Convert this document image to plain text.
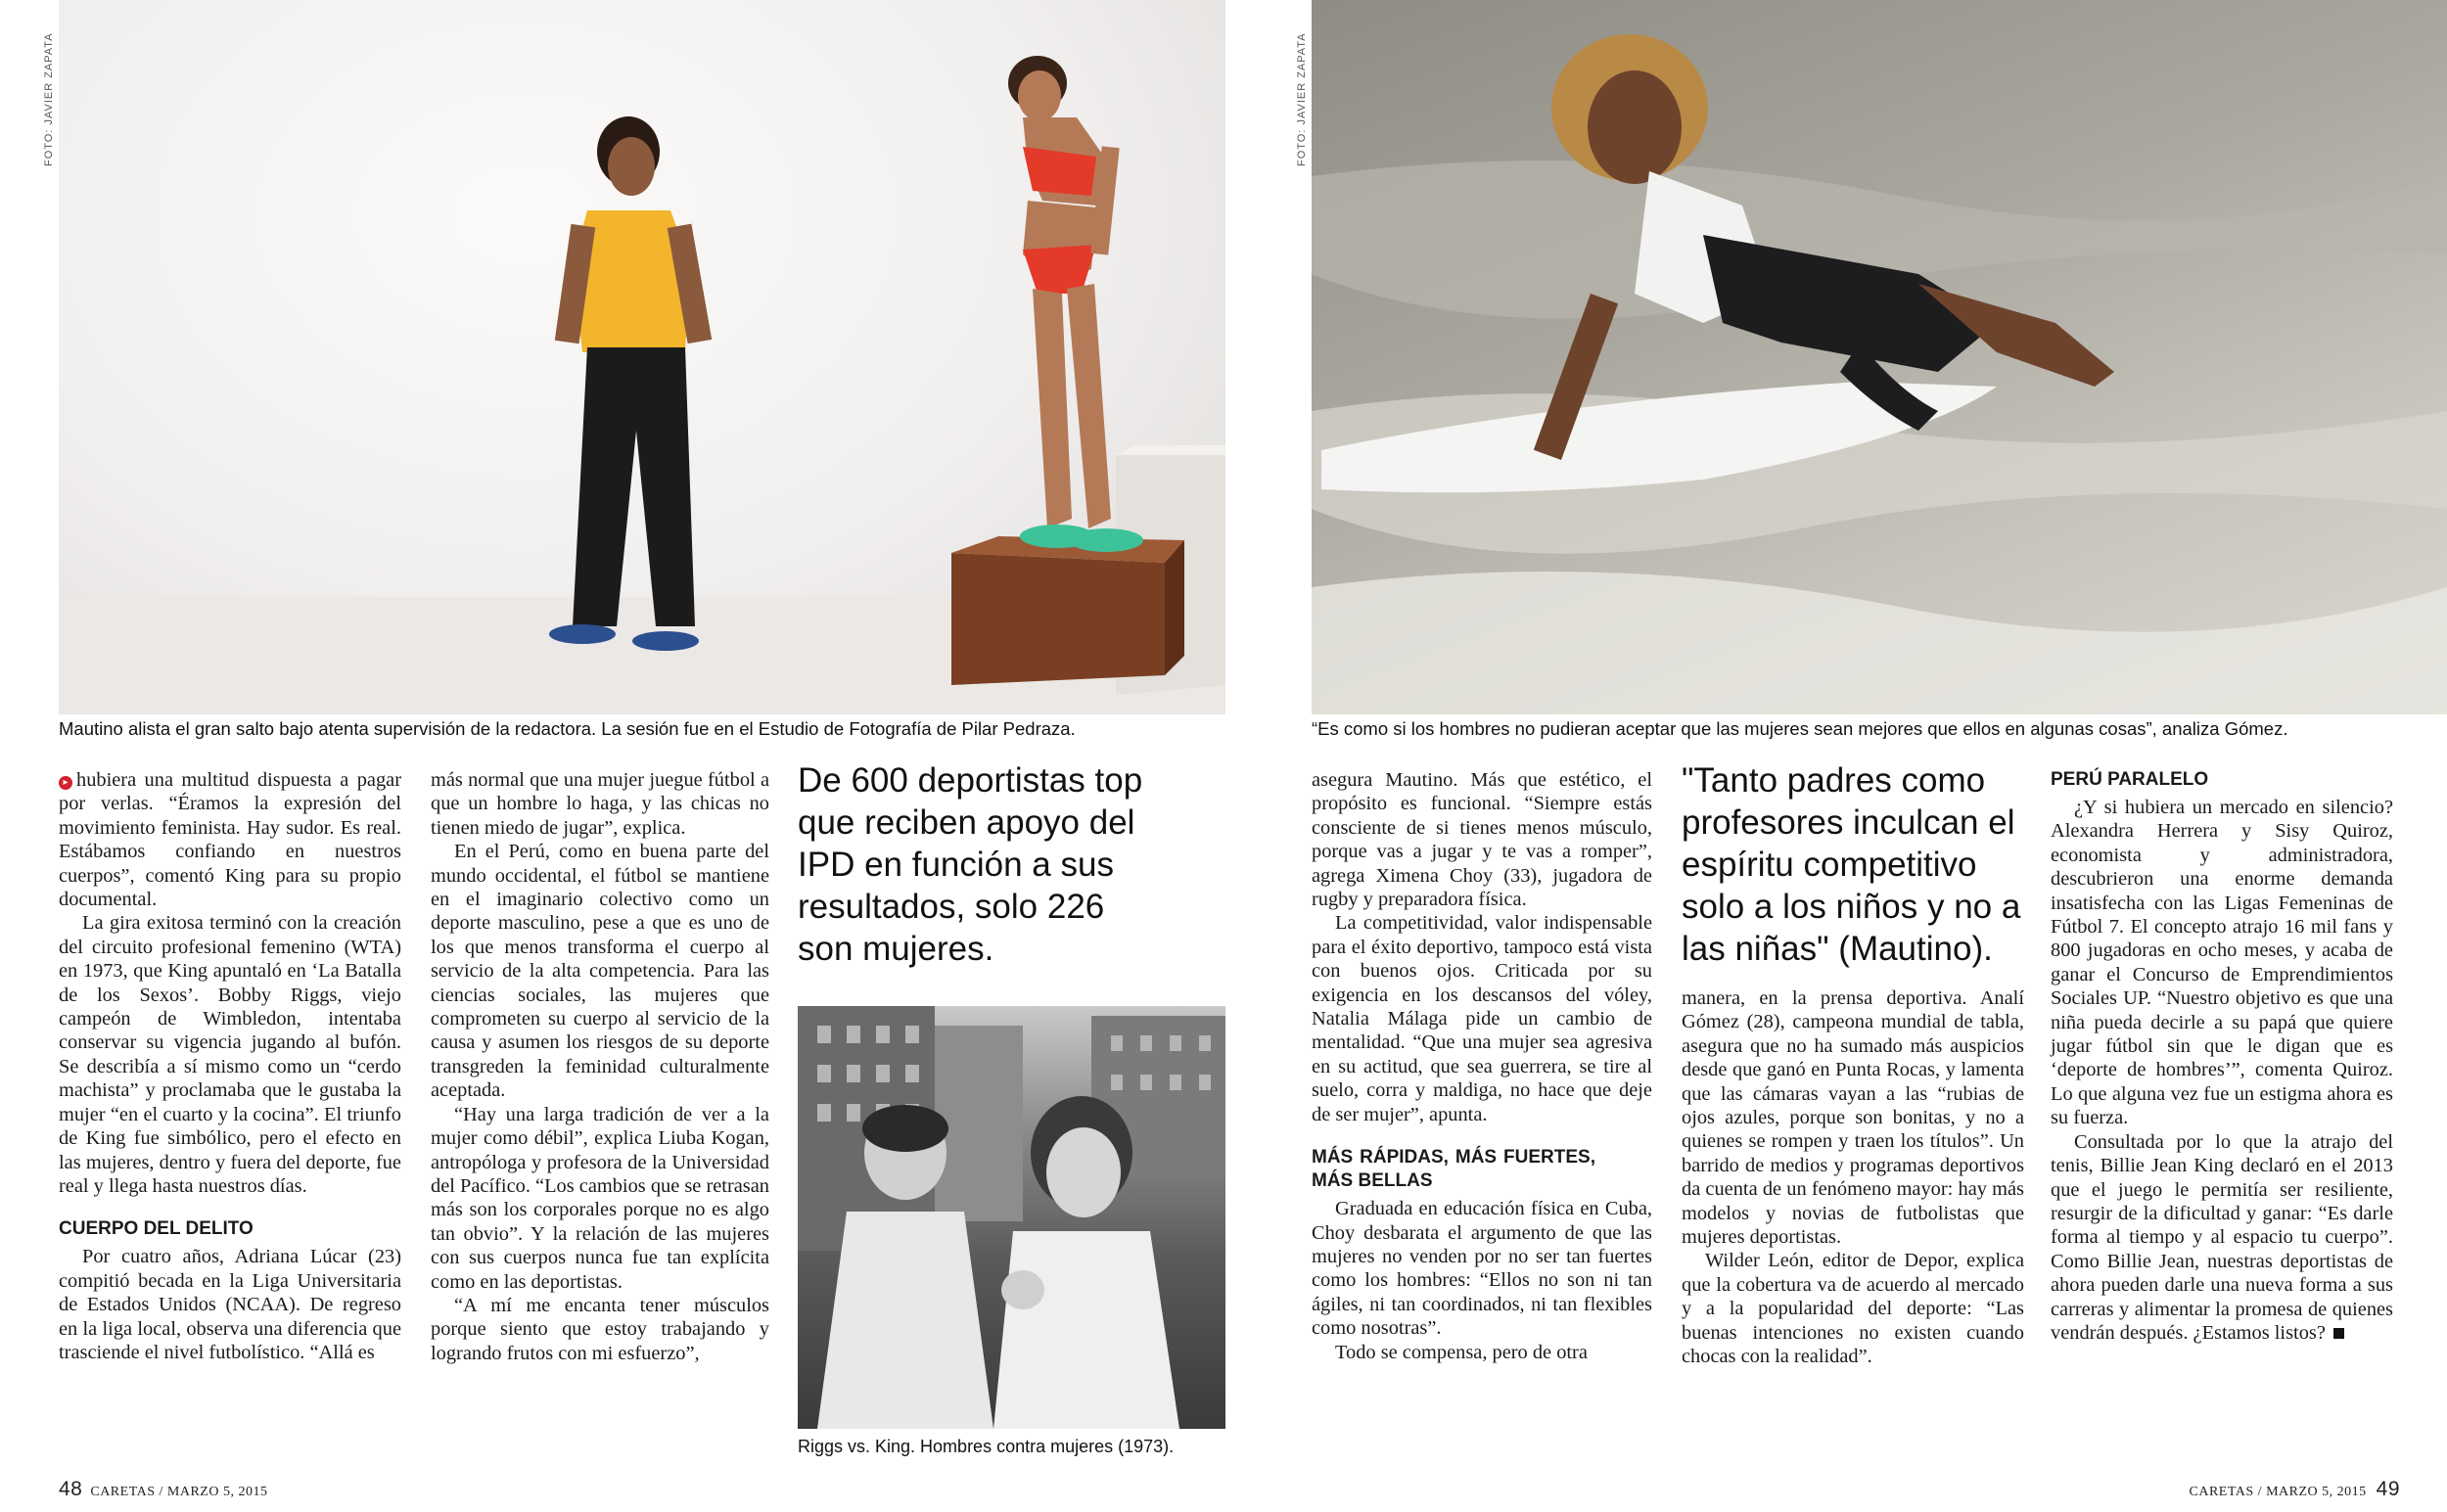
FOTO: JAVIER ZAPATA
Mautino alista el gran salto bajo atenta supervisión de la redactora. La sesión fue en el Estudio de Fotografía de Pilar Pedraza.
FOTO: JAVIER ZAPATA
“Es como si los hombres no pudieran aceptar que las mujeres sean mejores que ellos en algunas cosas”, analiza Gómez.

▸ hubiera una multitud dispuesta a pagar por verlas. “Éramos la expresión del movimiento feminista. Hay sudor. Es real. Estábamos confiando en nuestros cuerpos”, comentó King para su propio documental.

La gira exitosa terminó con la creación del circuito profesional femenino (WTA) en 1973, que King apuntaló en ‘La Batalla de los Sexos’. Bobby Riggs, viejo campeón de Wimbledon, intentaba conservar su vigencia jugando al bufón. Se describía a sí mismo como un “cerdo machista” y proclamaba que le gustaba la mujer “en el cuarto y la cocina”. El triunfo de King fue simbólico, pero el efecto en las mujeres, dentro y fuera del deporte, fue real y llega hasta nuestros días.

CUERPO DEL DELITO

Por cuatro años, Adriana Lúcar (23) compitió becada en la Liga Universitaria de Estados Unidos (NCAA). De regreso en la liga local, observa una diferencia que trasciende el nivel futbolístico. “Allá es

más normal que una mujer juegue fútbol a que un hombre lo haga, y las chicas no tienen miedo de jugar”, explica.

En el Perú, como en buena parte del mundo occidental, el fútbol se mantiene en el imaginario colectivo como un deporte masculino, pese a que es uno de los que menos transforma el cuerpo al servicio de la alta competencia. Para las ciencias sociales, las mujeres que comprometen su cuerpo al servicio de la causa y asumen los riesgos de su deporte transgreden la feminidad culturalmente aceptada.

“Hay una larga tradición de ver a la mujer como débil”, explica Liuba Kogan, antropóloga y profesora de la Universidad del Pacífico. “Los cambios que se retrasan más son los corporales porque no es algo tan obvio”. Y la relación de las mujeres con sus cuerpos nunca fue tan explícita como en las deportistas.

“A mí me encanta tener músculos porque siento que estoy trabajando y logrando frutos con mi esfuerzo”,

De 600 deportistas top que reciben apoyo del IPD en función a sus resultados, solo 226 son mujeres.
Riggs vs. King. Hombres contra mujeres (1973).

asegura Mautino. Más que estético, el propósito es funcional. “Siempre estás consciente de si tienes menos músculo, porque vas a jugar y te vas a romper”, agrega Ximena Choy (33), jugadora de rugby y preparadora física.

La competitividad, valor indispensable para el éxito deportivo, tampoco está vista con buenos ojos. Criticada por su exigencia en los descansos del vóley, Natalia Málaga pide un cambio de mentalidad. “Que una mujer sea agresiva en su actitud, que sea guerrera, se tire al suelo, corra y maldiga, no hace que deje de ser mujer”, apunta.

MÁS RÁPIDAS, MÁS FUERTES, MÁS BELLAS

Graduada en educación física en Cuba, Choy desbarata el argumento de que las mujeres no venden por no ser tan fuertes como los hombres: “Ellos no son ni tan ágiles, ni tan coordinados, ni tan flexibles como nosotras”.

Todo se compensa, pero de otra

"Tanto padres como profesores inculcan el espíritu competitivo solo a los niños y no a las niñas" (Mautino).

manera, en la prensa deportiva. Analí Gómez (28), campeona mundial de tabla, asegura que no ha sumado más auspicios desde que ganó en Punta Rocas, y lamenta que las cámaras vayan a las “rubias de ojos azules, porque son bonitas, y no a quienes se rompen y traen los títulos”. Un barrido de medios y programas deportivos da cuenta de un fenómeno mayor: hay más modelos y novias de futbolistas que mujeres deportistas.

Wilder León, editor de Depor, explica que la cobertura va de acuerdo al mercado y a la popularidad del deporte: “Las buenas intenciones no existen cuando chocas con la realidad”.

PERÚ PARALELO

¿Y si hubiera un mercado en silencio? Alexandra Herrera y Sisy Quiroz, economista y administradora, descubrieron una enorme demanda insatisfecha con las Ligas Femeninas de Fútbol 7. El concepto atrajo 16 mil fans y 800 jugadoras en ocho meses, y acaba de ganar el Concurso de Emprendimientos Sociales UP. “Nuestro objetivo es que una niña pueda decirle a su papá que quiere jugar fútbol sin que le digan que es ‘deporte de hombres’”, comenta Quiroz. Lo que alguna vez fue un estigma ahora es su fuerza.

Consultada por lo que la atrajo del tenis, Billie Jean King declaró en el 2013 que el juego le permitía ser resiliente, resurgir de la dificultad y ganar: “Es darle forma al tiempo y al espacio tu cuerpo”. Como Billie Jean, nuestras deportistas de ahora pueden darle una nueva forma a sus carreras y alimentar la promesa de quienes vendrán después. ¿Estamos listos?

48 CARETAS / MARZO 5, 2015	CARETAS / MARZO 5, 2015 49
